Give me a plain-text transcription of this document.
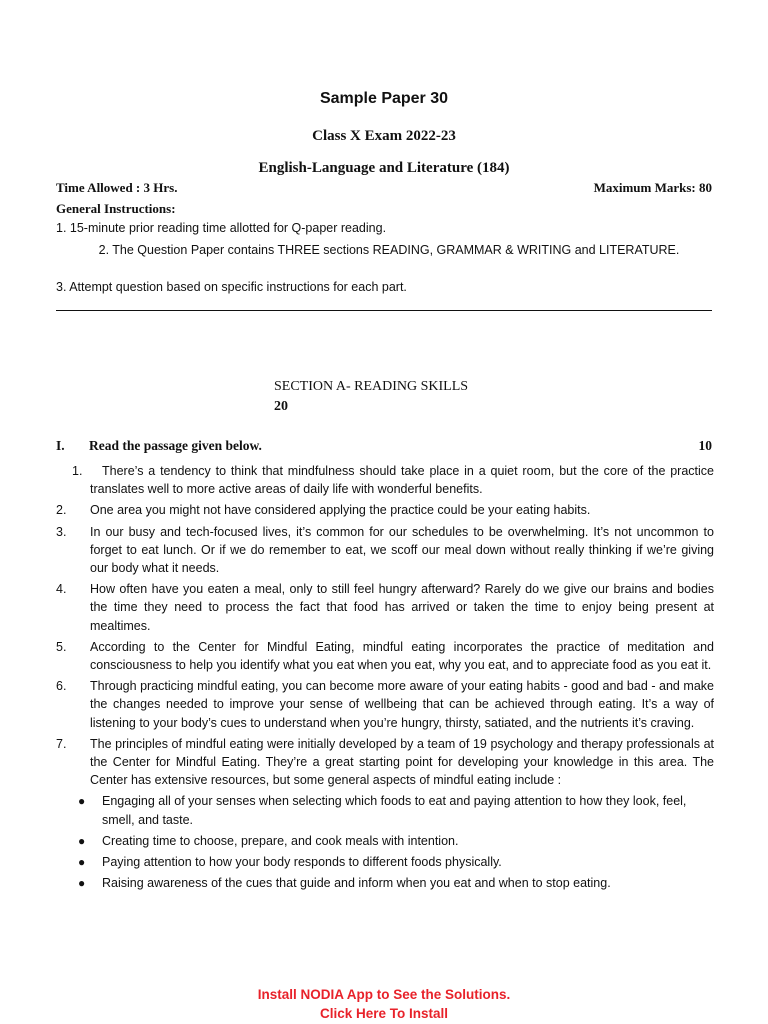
Sample Paper 30
Class X Exam 2022-23
English-Language and Literature (184)
Time Allowed : 3 Hrs.	Maximum Marks: 80
General Instructions:
1. 15-minute prior reading time allotted for Q-paper reading.
2. The Question Paper contains THREE sections READING, GRAMMAR & WRITING and LITERATURE.
3. Attempt question based on specific instructions for each part.
SECTION A- READING SKILLS
20
I. Read the passage given below.	10
1.	There’s a tendency to think that mindfulness should take place in a quiet room, but the core of the practice translates well to more active areas of daily life with wonderful benefits.
2. One area you might not have considered applying the practice could be your eating habits.
3. In our busy and tech-focused lives, it’s common for our schedules to be overwhelming. It’s not uncommon to forget to eat lunch. Or if we do remember to eat, we scoff our meal down without really thinking if we’re giving our body what it needs.
4. How often have you eaten a meal, only to still feel hungry afterward? Rarely do we give our brains and bodies the time they need to process the fact that food has arrived or taken the time to enjoy being present at mealtimes.
5. According to the Center for Mindful Eating, mindful eating incorporates the practice of meditation and consciousness to help you identify what you eat when you eat, why you eat, and to appreciate food as you eat it.
6. Through practicing mindful eating, you can become more aware of your eating habits - good and bad - and make the changes needed to improve your sense of wellbeing that can be achieved through eating. It’s a way of listening to your body’s cues to understand when you’re hungry, thirsty, satiated, and the nutrients it’s craving.
7. The principles of mindful eating were initially developed by a team of 19 psychology and therapy professionals at the Center for Mindful Eating. They’re a great starting point for developing your knowledge in this area. The Center has extensive resources, but some general aspects of mindful eating include :
● Engaging all of your senses when selecting which foods to eat and paying attention to how they look, feel, smell, and taste.
● Creating time to choose, prepare, and cook meals with intention.
● Paying attention to how your body responds to different foods physically.
● Raising awareness of the cues that guide and inform when you eat and when to stop eating.
Install NODIA App to See the Solutions.
Click Here To Install
